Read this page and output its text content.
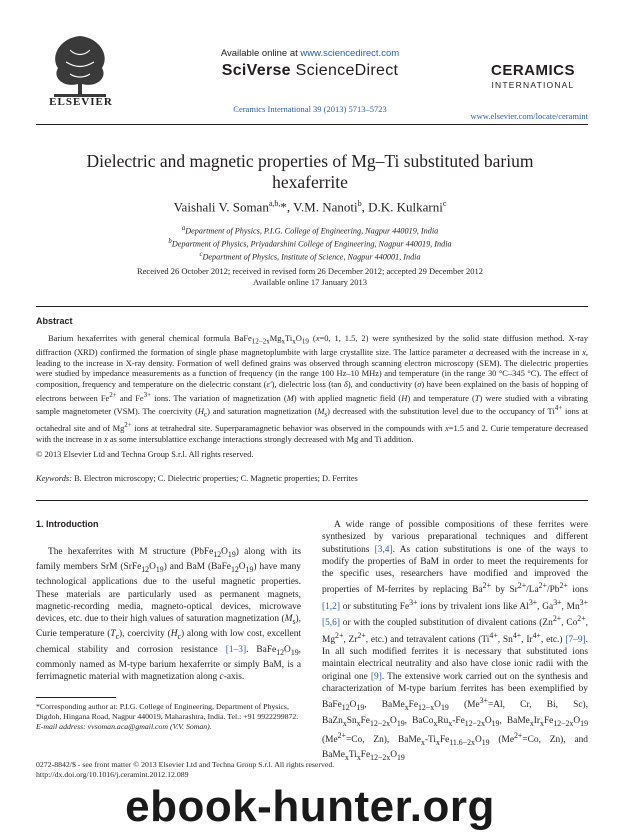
ELSEVIER
Available online at www.sciencedirect.com
SciVerse ScienceDirect
Ceramics International 39 (2013) 5713–5723
CERAMICS
INTERNATIONAL
www.elsevier.com/locate/ceramint
Dielectric and magnetic properties of Mg–Ti substituted barium hexaferrite
Vaishali V. Soman$^{a,b,}$*, V.M. Nanoti$^b$, D.K. Kulkarni$^c$
$^a$Department of Physics, P.I.G. College of Engineering, Nagpur 440019, India
$^b$Department of Physics, Priyadarshini College of Engineering, Nagpur 440019, India
$^c$Department of Physics, Institute of Science, Nagpur 440001, India
Received 26 October 2012; received in revised form 26 December 2012; accepted 29 December 2012
Available online 17 January 2013
Abstract
Barium hexaferrites with general chemical formula $BaFe_{12-2x}Mg_xTi_xO_{19}$ (x=0, 1, 1.5, 2) were synthesized by the solid state diffusion method. X-ray diffraction (XRD) confirmed the formation of single phase magnetoplumbite with large crystallite size. The lattice parameter a decreased with the increase in x, leading to the increase in X-ray density. Formation of well defined grains was observed through scanning electron microscopy (SEM). The dielectric properties were studied by impedance measurements as a function of frequency (in the range 100 Hz–10 MHz) and temperature (in the range 30 °C–345 °C). The effect of composition, frequency and temperature on the dielectric constant (ε′), dielectric loss (tan δ), and conductivity (σ) have been explained on the basis of hopping of electrons between $Fe^{2+}$ and $Fe^{3+}$ ions. The variation of magnetization (M) with applied magnetic field (H) and temperature (T) were studied with a vibrating sample magnetometer (VSM). The coercivity $(H_c)$ and saturation magnetization $(M_s)$ decreased with the substitution level due to the occupancy of $Ti^{4+}$ ions at octahedral site and of $Mg^{2+}$ ions at tetrahedral site. Superparamagnetic behavior was observed in the compounds with x=1.5 and 2. Curie temperature decreased with the increase in x as some intersublattice exchange interactions strongly decreased with Mg and Ti addition.
© 2013 Elsevier Ltd and Techna Group S.r.l. All rights reserved.
Keywords: B. Electron microscopy; C. Dielectric properties; C. Magnetic properties; D. Ferrites
1. Introduction
The hexaferrites with M structure $(PbFe_{12}O_{19})$ along with its family members SrM $(SrFe_{12}O_{19})$ and BaM $(BaFe_{12}O_{19})$ have many technological applications due to the useful magnetic properties. These materials are particularly used as permanent magnets, magnetic-recording media, magneto-optical devices, microwave devices, etc. due to their high values of saturation magnetization $(M_s)$, Curie temperature $(T_c)$, coercivity $(H_c)$ along with low cost, excellent chemical stability and corrosion resistance [1–3]. $BaFe_{12}O_{19}$, commonly named as M-type barium hexaferrite or simply BaM, is a ferrimagnetic material with magnetization along c-axis.
A wide range of possible compositions of these ferrites were synthesized by various preparational techniques and different substitutions [3,4]. As cation substitutions is one of the ways to modify the properties of BaM in order to meet the requirements for the specific uses, researchers have modified and improved the properties of M-ferrites by replacing $Ba^{2+}$ by $Sr^{2+}/La^{2+}/Pb^{2+}$ ions [1,2] or substituting $Fe^{3+}$ ions by trivalent ions like $Al^{3+}$, $Ga^{3+}$, $Mn^{3+}$ [5,6] or with the coupled substitution of divalent cations ($Zn^{2+}$, $Co^{2+}$, $Mg^{2+}$, $Zr^{2+}$, etc.) and tetravalent cations ($Ti^{4+}$, $Sn^{4+}$, $Ir^{4+}$, etc.) [7–9]. In all such modified ferrites it is necessary that substituted ions maintain electrical neutrality and also have close ionic radii with the original one [9]. The extensive work carried out on the synthesis and characterization of M-type barium ferrites has been exemplified by $BaFe_{12}O_{19}$, $BaMe_xFe_{12-x}O_{19}$ ($Me^{3+}=Al$, Cr, Bi, Sc), $BaZn_xSn_xFe_{12-2x}O_{19}$, $BaCo_xRu_x-Fe_{12-2x}O_{19}$, $BaMe_xIr_xFe_{12-2x}O_{19}$ ($Me^{2+}=Co$, Zn), $BaMe_x-Ti_xFe_{11.6-2x}O_{19}$ ($Me^{2+}=Co$, Zn), and $BaMe_xTi_xFe_{12-2x}O_{19}$
*Corresponding author at: P.I.G. College of Engineering, Department of Physics, Digdoh, Hingana Road, Nagpur 440019, Maharashtra, India. Tel.: +91 9922299872.
E-mail address: vvsoman.aca@gmail.com (V.V. Soman).
0272-8842/$ - see front matter © 2013 Elsevier Ltd and Techna Group S.r.l. All rights reserved.
http://dx.doi.org/10.1016/j.ceramint.2012.12.089
ebook-hunter.org
